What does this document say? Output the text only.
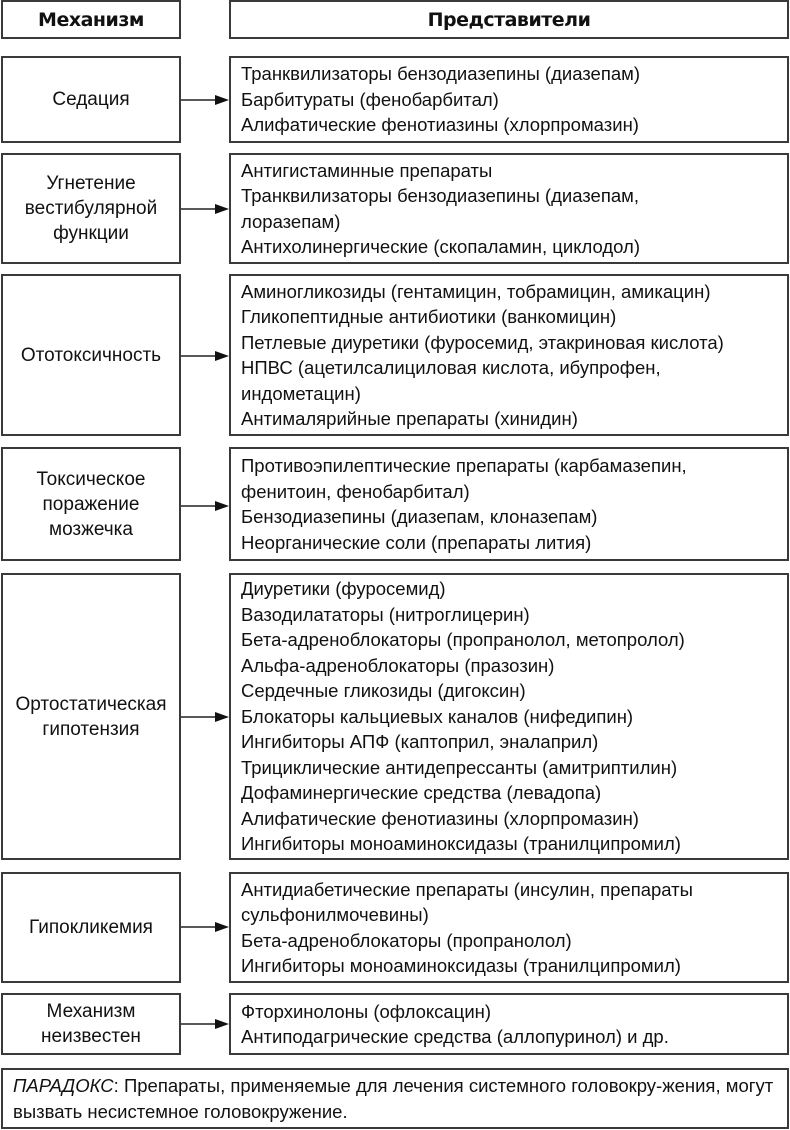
Механизм	Представители
Седация
Транквилизаторы бензодиазепины (диазепам)
Барбитураты (фенобарбитал)
Алифатические фенотиазины (хлорпромазин)
Угнетение вестибулярной функции
Антигистаминные препараты
Транквилизаторы бензодиазепины (диазепам,
лоразепам)
Антихолинергические (скопаламин, циклодол)
Ототоксичность
Аминогликозиды (гентамицин, тобрамицин, амикацин)
Гликопептидные антибиотики (ванкомицин)
Петлевые диуретики (фуросемид, этакриновая кислота)
НПВС (ацетилсалициловая кислота, ибупрофен,
индометацин)
Антималярийные препараты (хинидин)
Токсическое поражение мозжечка
Противоэпилептические препараты (карбамазепин,
фенитоин, фенобарбитал)
Бензодиазепины (диазепам, клоназепам)
Неорганические соли (препараты лития)
Ортостатическая гипотензия
Диуретики (фуросемид)
Вазодилататоры (нитроглицерин)
Бета-адреноблокаторы (пропранолол, метопролол)
Альфа-адреноблокаторы (празозин)
Сердечные гликозиды (дигоксин)
Блокаторы кальциевых каналов (нифедипин)
Ингибиторы АПФ (каптоприл, эналаприл)
Трициклические антидепрессанты (амитриптилин)
Дофаминергические средства (левадопа)
Алифатические фенотиазины (хлорпромазин)
Ингибиторы моноаминоксидазы (транилципромил)
Гипокликемия
Антидиабетические препараты (инсулин, препараты
сульфонилмочевины)
Бета-адреноблокаторы (пропранолол)
Ингибиторы моноаминоксидазы (транилципромил)
Механизм неизвестен
Фторхинолоны (офлоксацин)
Антиподагрические средства (аллопуринол) и др.
ПАРАДОКС: Препараты, применяемые для лечения системного головокру-жения, могут вызвать несистемное головокружение.
